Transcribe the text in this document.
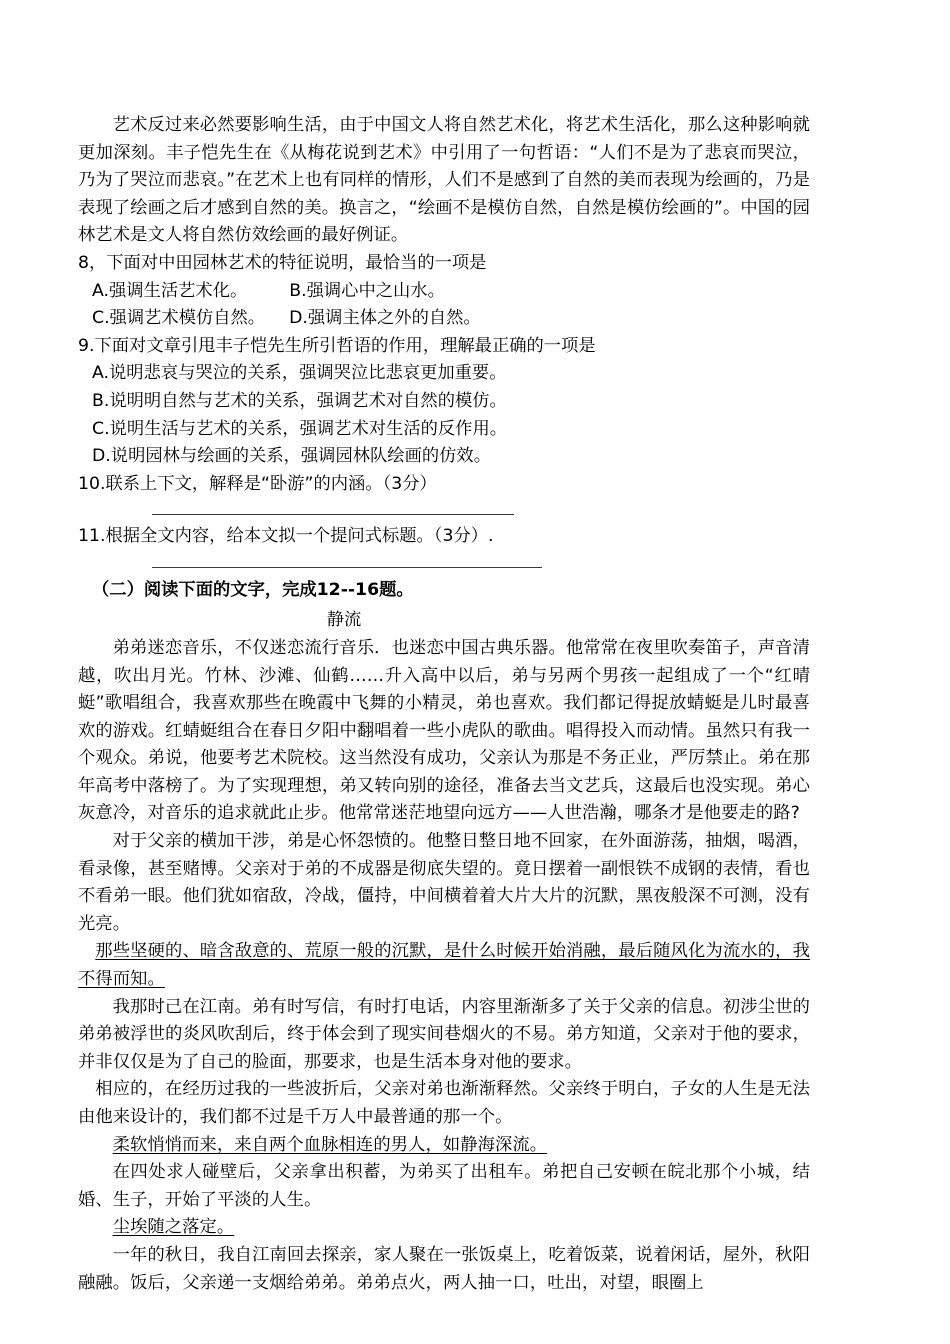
艺术反过来必然要影响生活，由于中国文人将自然艺术化，将艺术生活化，那么这种影响就更加深刻。丰子恺先生在《从梅花说到艺术》中引用了一句哲语：“人们不是为了悲哀而哭泣，乃为了哭泣而悲哀。”在艺术上也有同样的情形，人们不是感到了自然的美而表现为绘画的，乃是表现了绘画之后才感到自然的美。换言之，“绘画不是模仿自然，自然是模仿绘画的”。中国的园林艺术是文人将自然仿效绘画的最好例证。

8，下面对中田园林艺术的特征说明，最恰当的一项是

A.强调生活艺术化。 B.强调心中之山水。

C.强调艺术模仿自然。 D.强调主体之外的自然。

9.下面对文章引甩丰子恺先生所引哲语的作用，理解最正确的一项是

A.说明悲哀与哭泣的关系，强调哭泣比悲哀更加重要。

B.说明明自然与艺术的关系，强调艺术对自然的模仿。

C.说明生活与艺术的关系，强调艺术对生活的反作用。

D.说明园林与绘画的关系，强调园林队绘画的仿效。

10.联系上下文，解释是“卧游”的内涵。（3分）

11.根据全文内容，给本文拟一个提问式标题。（3分）.

（二）阅读下面的文字，完成12--16题。

静流

弟弟迷恋音乐，不仅迷恋流行音乐．也迷恋中国古典乐器。他常常在夜里吹奏笛子，声音清越，吹出月光。竹林、沙滩、仙鹤……升入高中以后，弟与另两个男孩一起组成了一个“红晴蜓”歌唱组合，我喜欢那些在晚霞中飞舞的小精灵，弟也喜欢。我们都记得捉放蜻蜓是儿时最喜欢的游戏。红蜻蜓组合在春日夕阳中翻唱着一些小虎队的歌曲。唱得投入而动情。虽然只有我一个观众。弟说，他要考艺术院校。这当然没有成功，父亲认为那是不务正业，严厉禁止。弟在那年高考中落榜了。为了实现理想，弟又转向别的途径，准备去当文艺兵，这最后也没实现。弟心灰意冷，对音乐的追求就此止步。他常常迷茫地望向远方——人世浩瀚，哪条才是他要走的路?

对于父亲的横加干涉，弟是心怀怨愤的。他整日整日地不回家，在外面游荡，抽烟，喝酒，看录像，甚至赌博。父亲对于弟的不成器是彻底失望的。竟日摆着一副恨铁不成钢的表情，看也不看弟一眼。他们犹如宿敌，冷战，僵持，中间横着着大片大片的沉默，黑夜般深不可测，没有光亮。

那些坚硬的、暗含敌意的、荒原一般的沉默，是什么时候开始消融，最后随风化为流水的，我不得而知。

我那时己在江南。弟有时写信，有时打电话，内容里渐渐多了关于父亲的信息。初涉尘世的弟弟被浮世的炎风吹刮后，终于体会到了现实间巷烟火的不易。弟方知道，父亲对于他的要求，并非仅仅是为了自己的脸面，那要求，也是生活本身对他的要求。

相应的，在经历过我的一些波折后，父亲对弟也渐渐释然。父亲终于明白，子女的人生是无法由他来设计的，我们都不过是千万人中最普通的那一个。

柔软悄悄而来，来自两个血脉相连的男人，如静海深流。

在四处求人碰壁后，父亲拿出积蓄，为弟买了出租车。弟把自己安顿在皖北那个小城，结婚、生子，开始了平淡的人生。

尘埃随之落定。

一年的秋日，我自江南回去探亲，家人聚在一张饭桌上，吃着饭菜，说着闲话，屋外，秋阳融融。饭后，父亲递一支烟给弟弟。弟弟点火，两人抽一口，吐出，对望，眼圈上
